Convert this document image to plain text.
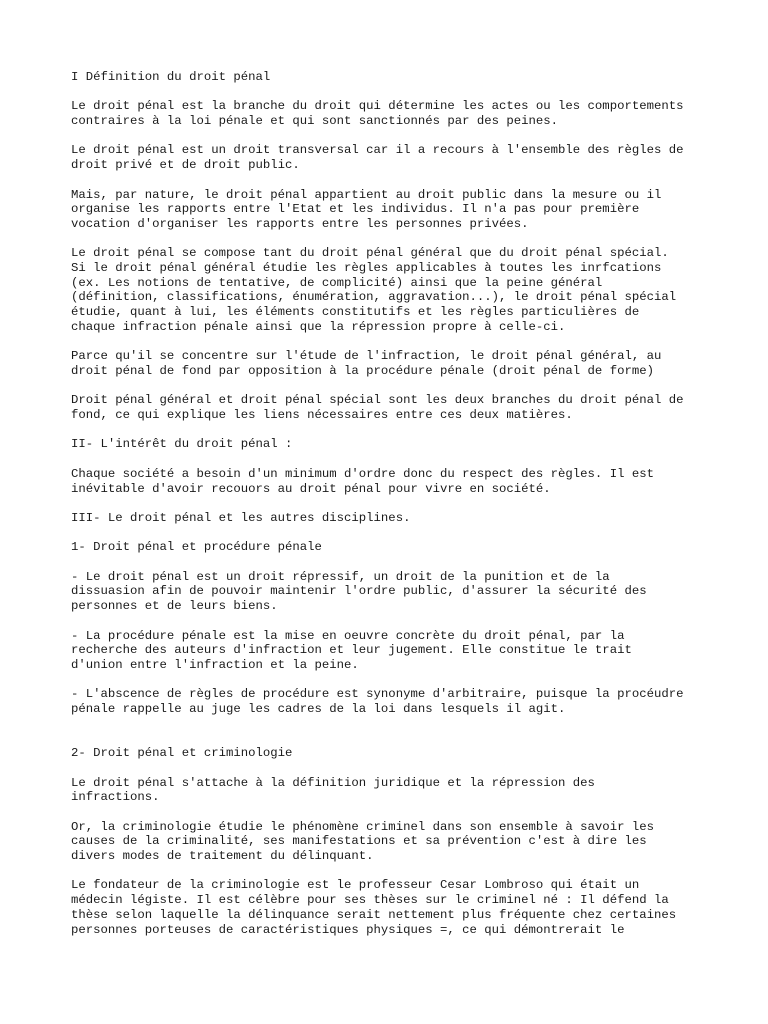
I Définition du droit pénal
Le droit pénal est la branche du droit qui détermine les actes ou les comportements
contraires à la loi pénale et qui sont sanctionnés par des peines.
Le droit pénal est un droit transversal car il a recours à l'ensemble des règles de
droit privé et de droit public.
Mais, par nature, le droit pénal appartient au droit public dans la mesure ou il
organise les rapports entre l'Etat et les individus. Il n'a pas pour première
vocation d'organiser les rapports entre les personnes privées.
Le droit pénal se compose tant du droit pénal général que du droit pénal spécial.
Si le droit pénal général étudie les règles applicables à toutes les inrfcations
(ex. Les notions de tentative, de complicité) ainsi que la peine général
(définition, classifications, énumération, aggravation...), le droit pénal spécial
étudie, quant à lui, les éléments constitutifs et les règles particulières de
chaque infraction pénale ainsi que la répression propre à celle-ci.
Parce qu'il se concentre sur l'étude de l'infraction, le droit pénal général, au
droit pénal de fond par opposition à la procédure pénale (droit pénal de forme)
Droit pénal général et droit pénal spécial sont les deux branches du droit pénal de
fond, ce qui explique les liens nécessaires entre ces deux matières.
II- L'intérêt du droit pénal :
Chaque société a besoin d'un minimum d'ordre donc du respect des règles. Il est
inévitable d'avoir recouors au droit pénal pour vivre en société.
III- Le droit pénal et les autres disciplines.
1- Droit pénal et procédure pénale
- Le droit pénal est un droit répressif, un droit de la punition et de la
dissuasion afin de pouvoir maintenir l'ordre public, d'assurer la sécurité des
personnes et de leurs biens.
- La procédure pénale est la mise en oeuvre concrète du droit pénal, par la
recherche des auteurs d'infraction et leur jugement. Elle constitue le trait
d'union entre l'infraction et la peine.
- L'abscence de règles de procédure est synonyme d'arbitraire, puisque la procéudre
pénale rappelle au juge les cadres de la loi dans lesquels il agit.
2- Droit pénal et criminologie
Le droit pénal s'attache à la définition juridique et la répression des
infractions.
Or, la criminologie étudie le phénomène criminel dans son ensemble à savoir les
causes de la criminalité, ses manifestations et sa prévention c'est à dire les
divers modes de traitement du délinquant.
Le fondateur de la criminologie est le professeur Cesar Lombroso qui était un
médecin légiste. Il est célèbre pour ses thèses sur le criminel né : Il défend la
thèse selon laquelle la délinquance serait nettement plus fréquente chez certaines
personnes porteuses de caractéristiques physiques =, ce qui démontrerait le
